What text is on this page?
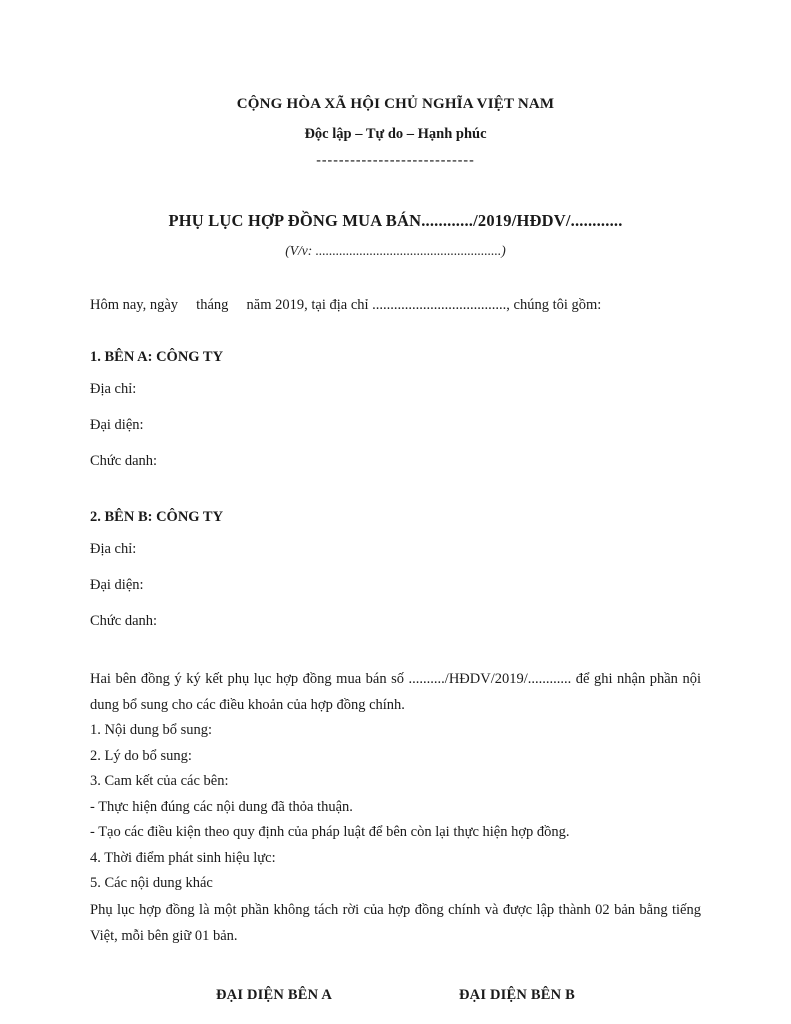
CỘNG HÒA XÃ HỘI CHỦ NGHĨA VIỆT NAM
Độc lập – Tự do – Hạnh phúc
----------------------------
PHỤ LỤC HỢP ĐỒNG MUA BÁN............/2019/HĐDV/............
(V/v: .......................................................)
Hôm nay, ngày     tháng     năm 2019, tại địa chỉ ....................................., chúng tôi gồm:
1. BÊN A: CÔNG TY
Địa chỉ:
Đại diện:
Chức danh:
2. BÊN B: CÔNG TY
Địa chỉ:
Đại diện:
Chức danh:
Hai bên đồng ý ký kết phụ lục hợp đồng mua bán số ........../HĐDV/2019/............ để ghi nhận phần nội dung bổ sung cho các điều khoản của hợp đồng chính.
1. Nội dung bổ sung:
2. Lý do bổ sung:
3. Cam kết của các bên:
- Thực hiện đúng các nội dung đã thỏa thuận.
- Tạo các điều kiện theo quy định của pháp luật để bên còn lại thực hiện hợp đồng.
4. Thời điểm phát sinh hiệu lực:
5. Các nội dung khác
Phụ lục hợp đồng là một phần không tách rời của hợp đồng chính và được lập thành 02 bản bằng tiếng Việt, mỗi bên giữ 01 bản.
ĐẠI DIỆN BÊN A	ĐẠI DIỆN BÊN B
